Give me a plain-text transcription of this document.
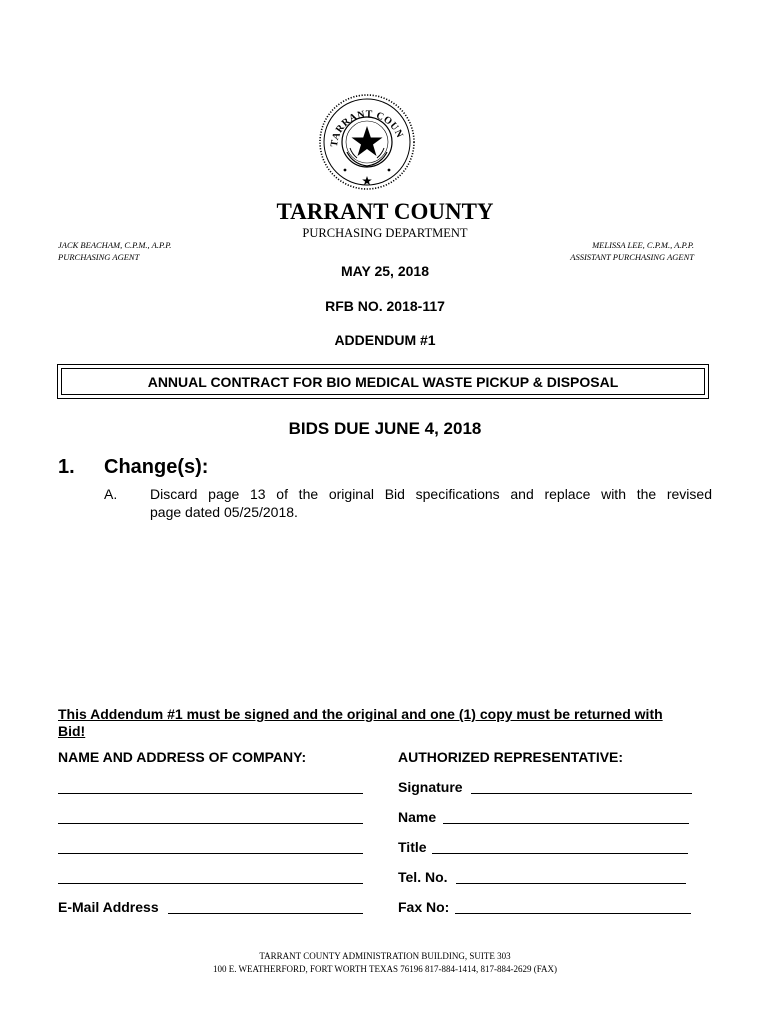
TARRANT COUN
TARRANT COUNTY
PURCHASING DEPARTMENT
JACK BEACHAM, C.P.M., A.P.P.
PURCHASING AGENT
MELISSA LEE, C.P.M., A.P.P.
ASSISTANT PURCHASING AGENT
MAY 25, 2018
RFB NO. 2018-117
ADDENDUM #1
ANNUAL CONTRACT FOR BIO MEDICAL WASTE PICKUP & DISPOSAL
BIDS DUE JUNE 4, 2018
1. Change(s):
A. Discard page 13 of the original Bid specifications and replace with the revised
page dated 05/25/2018.
This Addendum #1 must be signed and the original and one (1) copy must be returned with
Bid!
NAME AND ADDRESS OF COMPANY:	AUTHORIZED REPRESENTATIVE:
E-Mail Address
Signature
Name
Title
Tel. No.
Fax No:
TARRANT COUNTY ADMINISTRATION BUILDING, SUITE 303
100 E. WEATHERFORD, FORT WORTH TEXAS 76196 817-884-1414, 817-884-2629 (FAX)
